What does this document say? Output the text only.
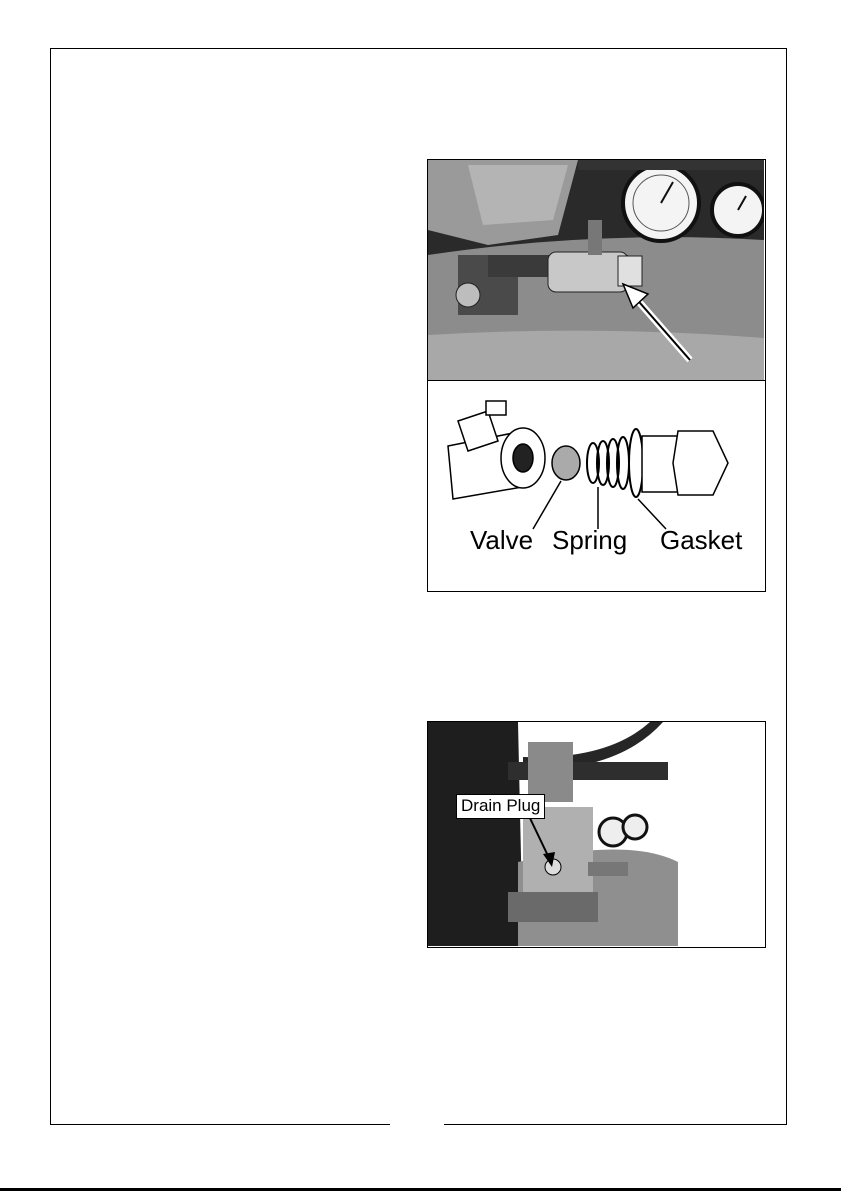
Valve Spring Gasket
Drain Plug
